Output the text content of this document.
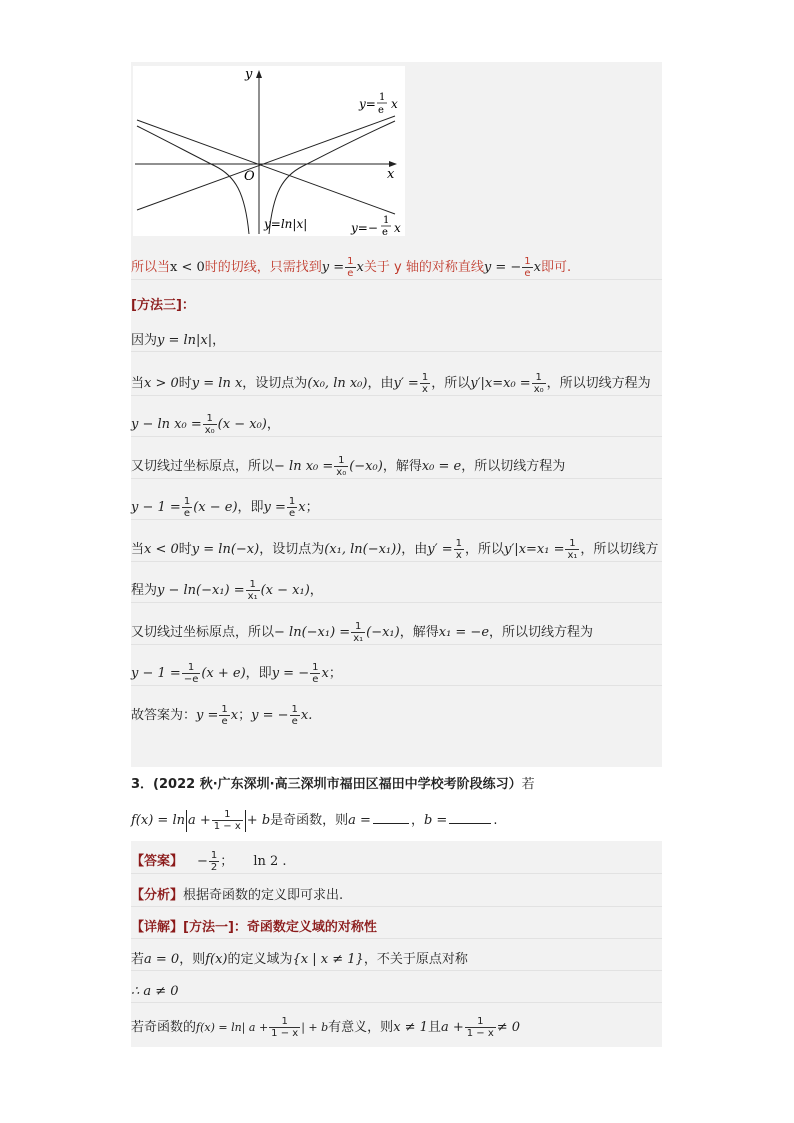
y
x
O
y= 1
e x
y=ln|x|	y=−
1
e x
所以当x < 0时的切线，只需找到$y = \frac{1}{e}$ x关于 y 轴的对称直线y = − $\frac{1}{e}$ x即可.
[方法三]：
因为y = ln|x|，
当x > 0时y = ln x，设切点为(x₀, ln x₀)，由$y' = \frac{1}{x}$ ，所以$y'|x=x_0 = \frac{1}{\text{x₀}}$ ，所以切线方程为
$y - \ln x_0 = \frac{1}{\text{x₀}} (x - x_0)$，
又切线过坐标原点，所以− $\ln x_0 = \frac{1}{\text{x₀}} (-x_0)$，解得x₀ = e，所以切线方程为
$y - 1 = \frac{1}{e} (x - e)$，即$y = \frac{1}{e}$ x；
当x < 0时y = ln(−x)，设切点为(x₁, ln(−x₁))，由$y' = \frac{1}{x}$ ，所以$y'|x=x_1 = \frac{1}{\text{x₁}}$ ，所以切线方
程为$y - \ln(-x_1) = \frac{1}{\text{x₁}} (x - x_1)$，
又切线过坐标原点，所以− $\ln(-x_1) = \frac{1}{\text{x₁}} (-x_1)$，解得x₁ = −e，所以切线方程为
$y - 1 = \frac{1}{-e} (x + e)$，即y = − $\frac{1}{e}$ x；
故答案为：$y = \frac{1}{e}$ x；y = − $\frac{1}{e} x$.
3．(2022 秋·广东深圳·高三深圳市福田区福田中学校考阶段练习）若
$f(x) = \ln a + \frac{1}{1 - x} + b$是奇函数，则a =	，b =	.
【答案】 − $\frac{1}{2}$ ； ln 2 .
【分析】根据奇函数的定义即可求出.
【详解】[方法一]：奇函数定义域的对称性
若a = 0，则f(x)的定义域为{x | x ≠ 1}，不关于原点对称
∴ a ≠ 0
若奇函数的f(x) = ln| $a + \frac{1}{1 - x}$ | + b有意义，则x ≠ 1且$a + \frac{1}{1 - x} \ne 0$
